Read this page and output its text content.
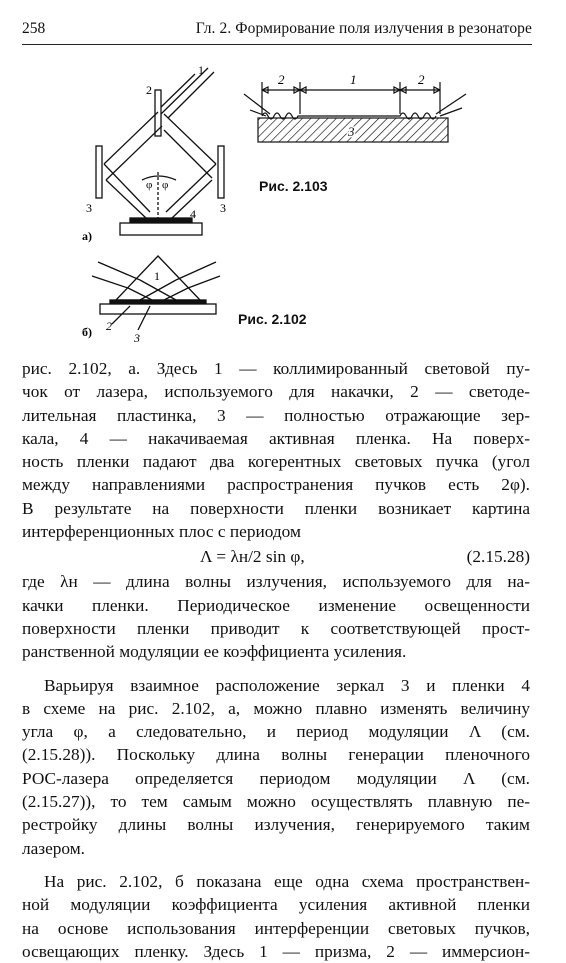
258	Гл. 2. Формирование поля излучения в резонаторе
1
2
3	3
4
φ φ
а)
1
2
3
б)
Рис. 2.102
2	1	2
3
Рис. 2.103

рис. 2.102, а. Здесь 1 — коллимированный световой пу-

чок от лазера, используемого для накачки, 2 — светоде-

лительная пластинка, 3 — полностью отражающие зер-

кала, 4 — накачиваемая активная пленка. На поверх-

ность пленки падают два когерентных световых пучка (угол

между направлениями распространения пучков есть 2φ).

В результате на поверхности пленки возникает картина

интерференционных плос с периодом

Λ = λн/2 sin φ,	(2.15.28)

где λн — длина волны излучения, используемого для на-

качки пленки. Периодическое изменение освещенности

поверхности пленки приводит к соответствующей прост-

ранственной модуляции ее коэффициента усиления.

Варьируя взаимное расположение зеркал 3 и пленки 4

в схеме на рис. 2.102, а, можно плавно изменять величину

угла φ, а следовательно, и период модуляции Λ (см.

(2.15.28)). Поскольку длина волны генерации пленочного

РОС-лазера определяется периодом модуляции Λ (см.

(2.15.27)), то тем самым можно осуществлять плавную пе-

рестройку длины волны излучения, генерируемого таким

лазером.

На рис. 2.102, б показана еще одна схема пространствен-

ной модуляции коэффициента усиления активной пленки

на основе использования интерференции световых пучков,

освещающих пленку. Здесь 1 — призма, 2 — иммерсион-
